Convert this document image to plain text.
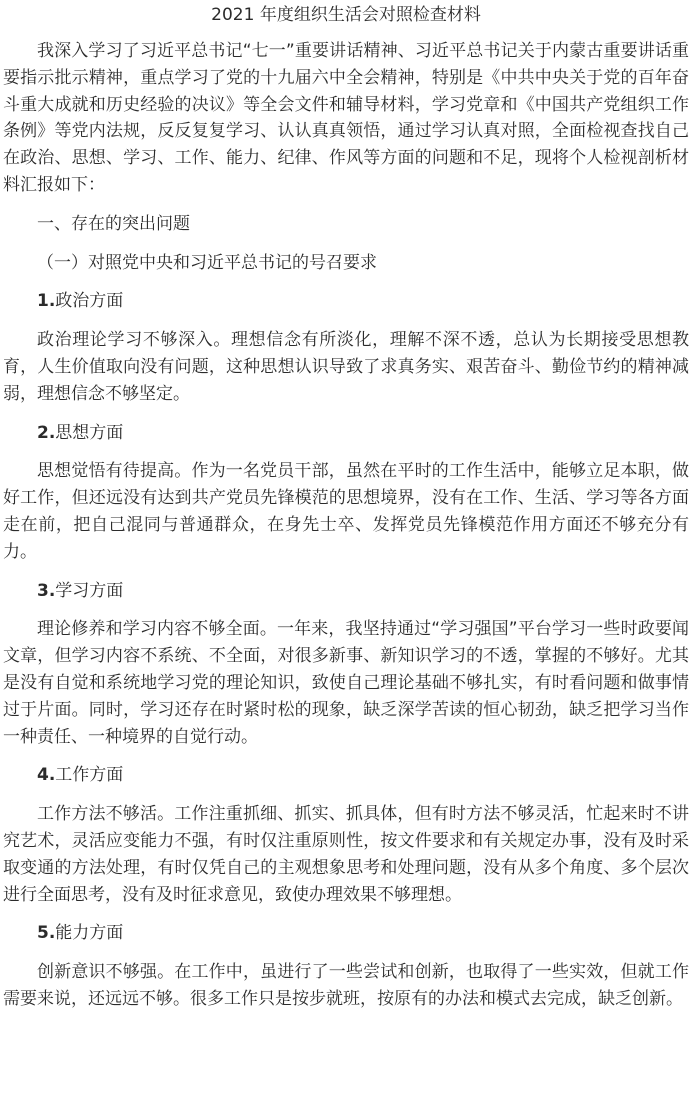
2021 年度组织生活会对照检查材料

我深入学习了习近平总书记“七一”重要讲话精神、习近平总书记关于内蒙古重要讲话重要指示批示精神，重点学习了党的十九届六中全会精神，特别是《中共中央关于党的百年奋斗重大成就和历史经验的决议》等全会文件和辅导材料，学习党章和《中国共产党组织工作条例》等党内法规，反反复复学习、认认真真领悟，通过学习认真对照，全面检视查找自己在政治、思想、学习、工作、能力、纪律、作风等方面的问题和不足，现将个人检视剖析材料汇报如下：

一、存在的突出问题

（一）对照党中央和习近平总书记的号召要求

1.政治方面

政治理论学习不够深入。理想信念有所淡化，理解不深不透，总认为长期接受思想教育，人生价值取向没有问题，这种思想认识导致了求真务实、艰苦奋斗、勤俭节约的精神减弱，理想信念不够坚定。

2.思想方面

思想觉悟有待提高。作为一名党员干部，虽然在平时的工作生活中，能够立足本职，做好工作，但还远没有达到共产党员先锋模范的思想境界，没有在工作、生活、学习等各方面走在前，把自己混同与普通群众，在身先士卒、发挥党员先锋模范作用方面还不够充分有力。

3.学习方面

理论修养和学习内容不够全面。一年来，我坚持通过“学习强国”平台学习一些时政要闻文章，但学习内容不系统、不全面，对很多新事、新知识学习的不透，掌握的不够好。尤其是没有自觉和系统地学习党的理论知识，致使自己理论基础不够扎实，有时看问题和做事情过于片面。同时，学习还存在时紧时松的现象，缺乏深学苦读的恒心韧劲，缺乏把学习当作一种责任、一种境界的自觉行动。

4.工作方面

工作方法不够活。工作注重抓细、抓实、抓具体，但有时方法不够灵活，忙起来时不讲究艺术，灵活应变能力不强，有时仅注重原则性，按文件要求和有关规定办事，没有及时采取变通的方法处理，有时仅凭自己的主观想象思考和处理问题，没有从多个角度、多个层次进行全面思考，没有及时征求意见，致使办理效果不够理想。

5.能力方面

创新意识不够强。在工作中，虽进行了一些尝试和创新，也取得了一些实效，但就工作需要来说，还远远不够。很多工作只是按步就班，按原有的办法和模式去完成，缺乏创新。
